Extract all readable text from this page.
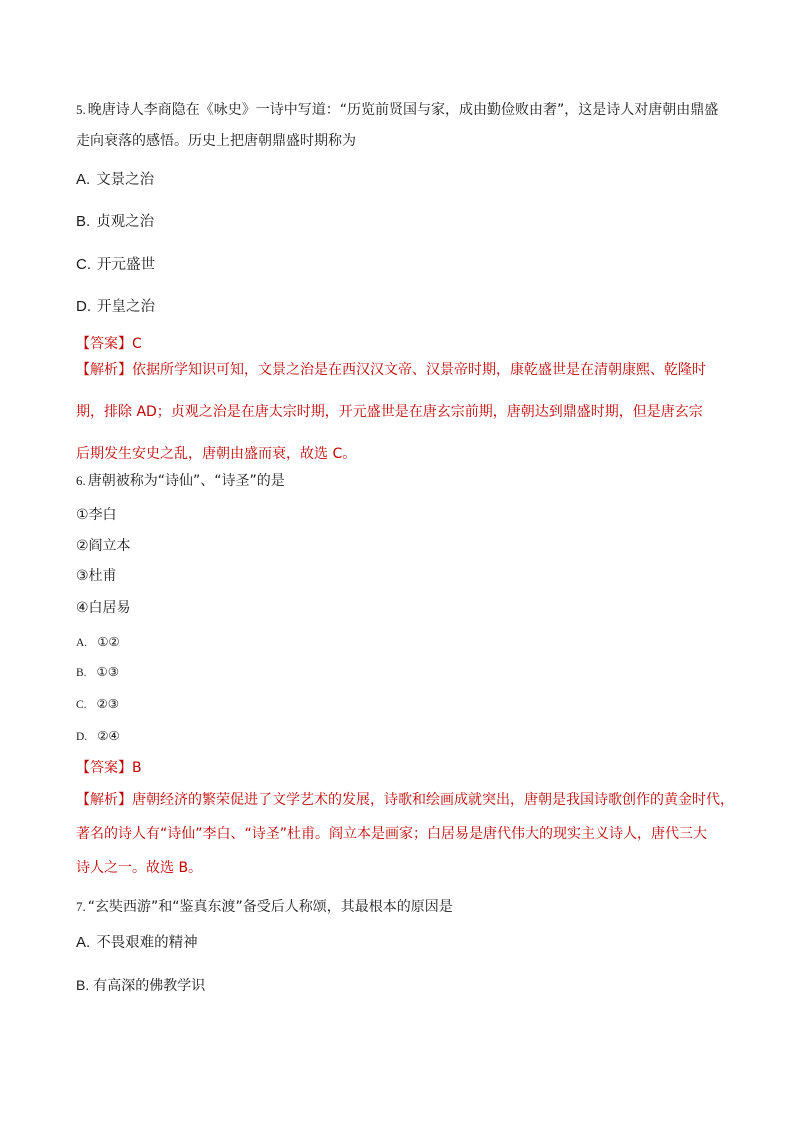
5. 晚唐诗人李商隐在《咏史》一诗中写道：“历览前贤国与家，成由勤俭败由奢”，这是诗人对唐朝由鼎盛
走向衰落的感悟。历史上把唐朝鼎盛时期称为
A. 文景之治
B. 贞观之治
C. 开元盛世
D. 开皇之治
【答案】C
【解析】依据所学知识可知，文景之治是在西汉汉文帝、汉景帝时期，康乾盛世是在清朝康熙、乾隆时
期，排除 AD；贞观之治是在唐太宗时期，开元盛世是在唐玄宗前期，唐朝达到鼎盛时期，但是唐玄宗
后期发生安史之乱，唐朝由盛而衰，故选 C。
6. 唐朝被称为“诗仙”、“诗圣”的是
①李白
②阎立本
③杜甫
④白居易
A. ①②
B. ①③
C. ②③
D. ②④
【答案】B
【解析】唐朝经济的繁荣促进了文学艺术的发展，诗歌和绘画成就突出，唐朝是我国诗歌创作的黄金时代，
著名的诗人有“诗仙”李白、“诗圣”杜甫。阎立本是画家；白居易是唐代伟大的现实主义诗人，唐代三大
诗人之一。故选 B。
7. “玄奘西游”和“鉴真东渡”备受后人称颂，其最根本的原因是
A. 不畏艰难的精神
B. 有高深的佛教学识
